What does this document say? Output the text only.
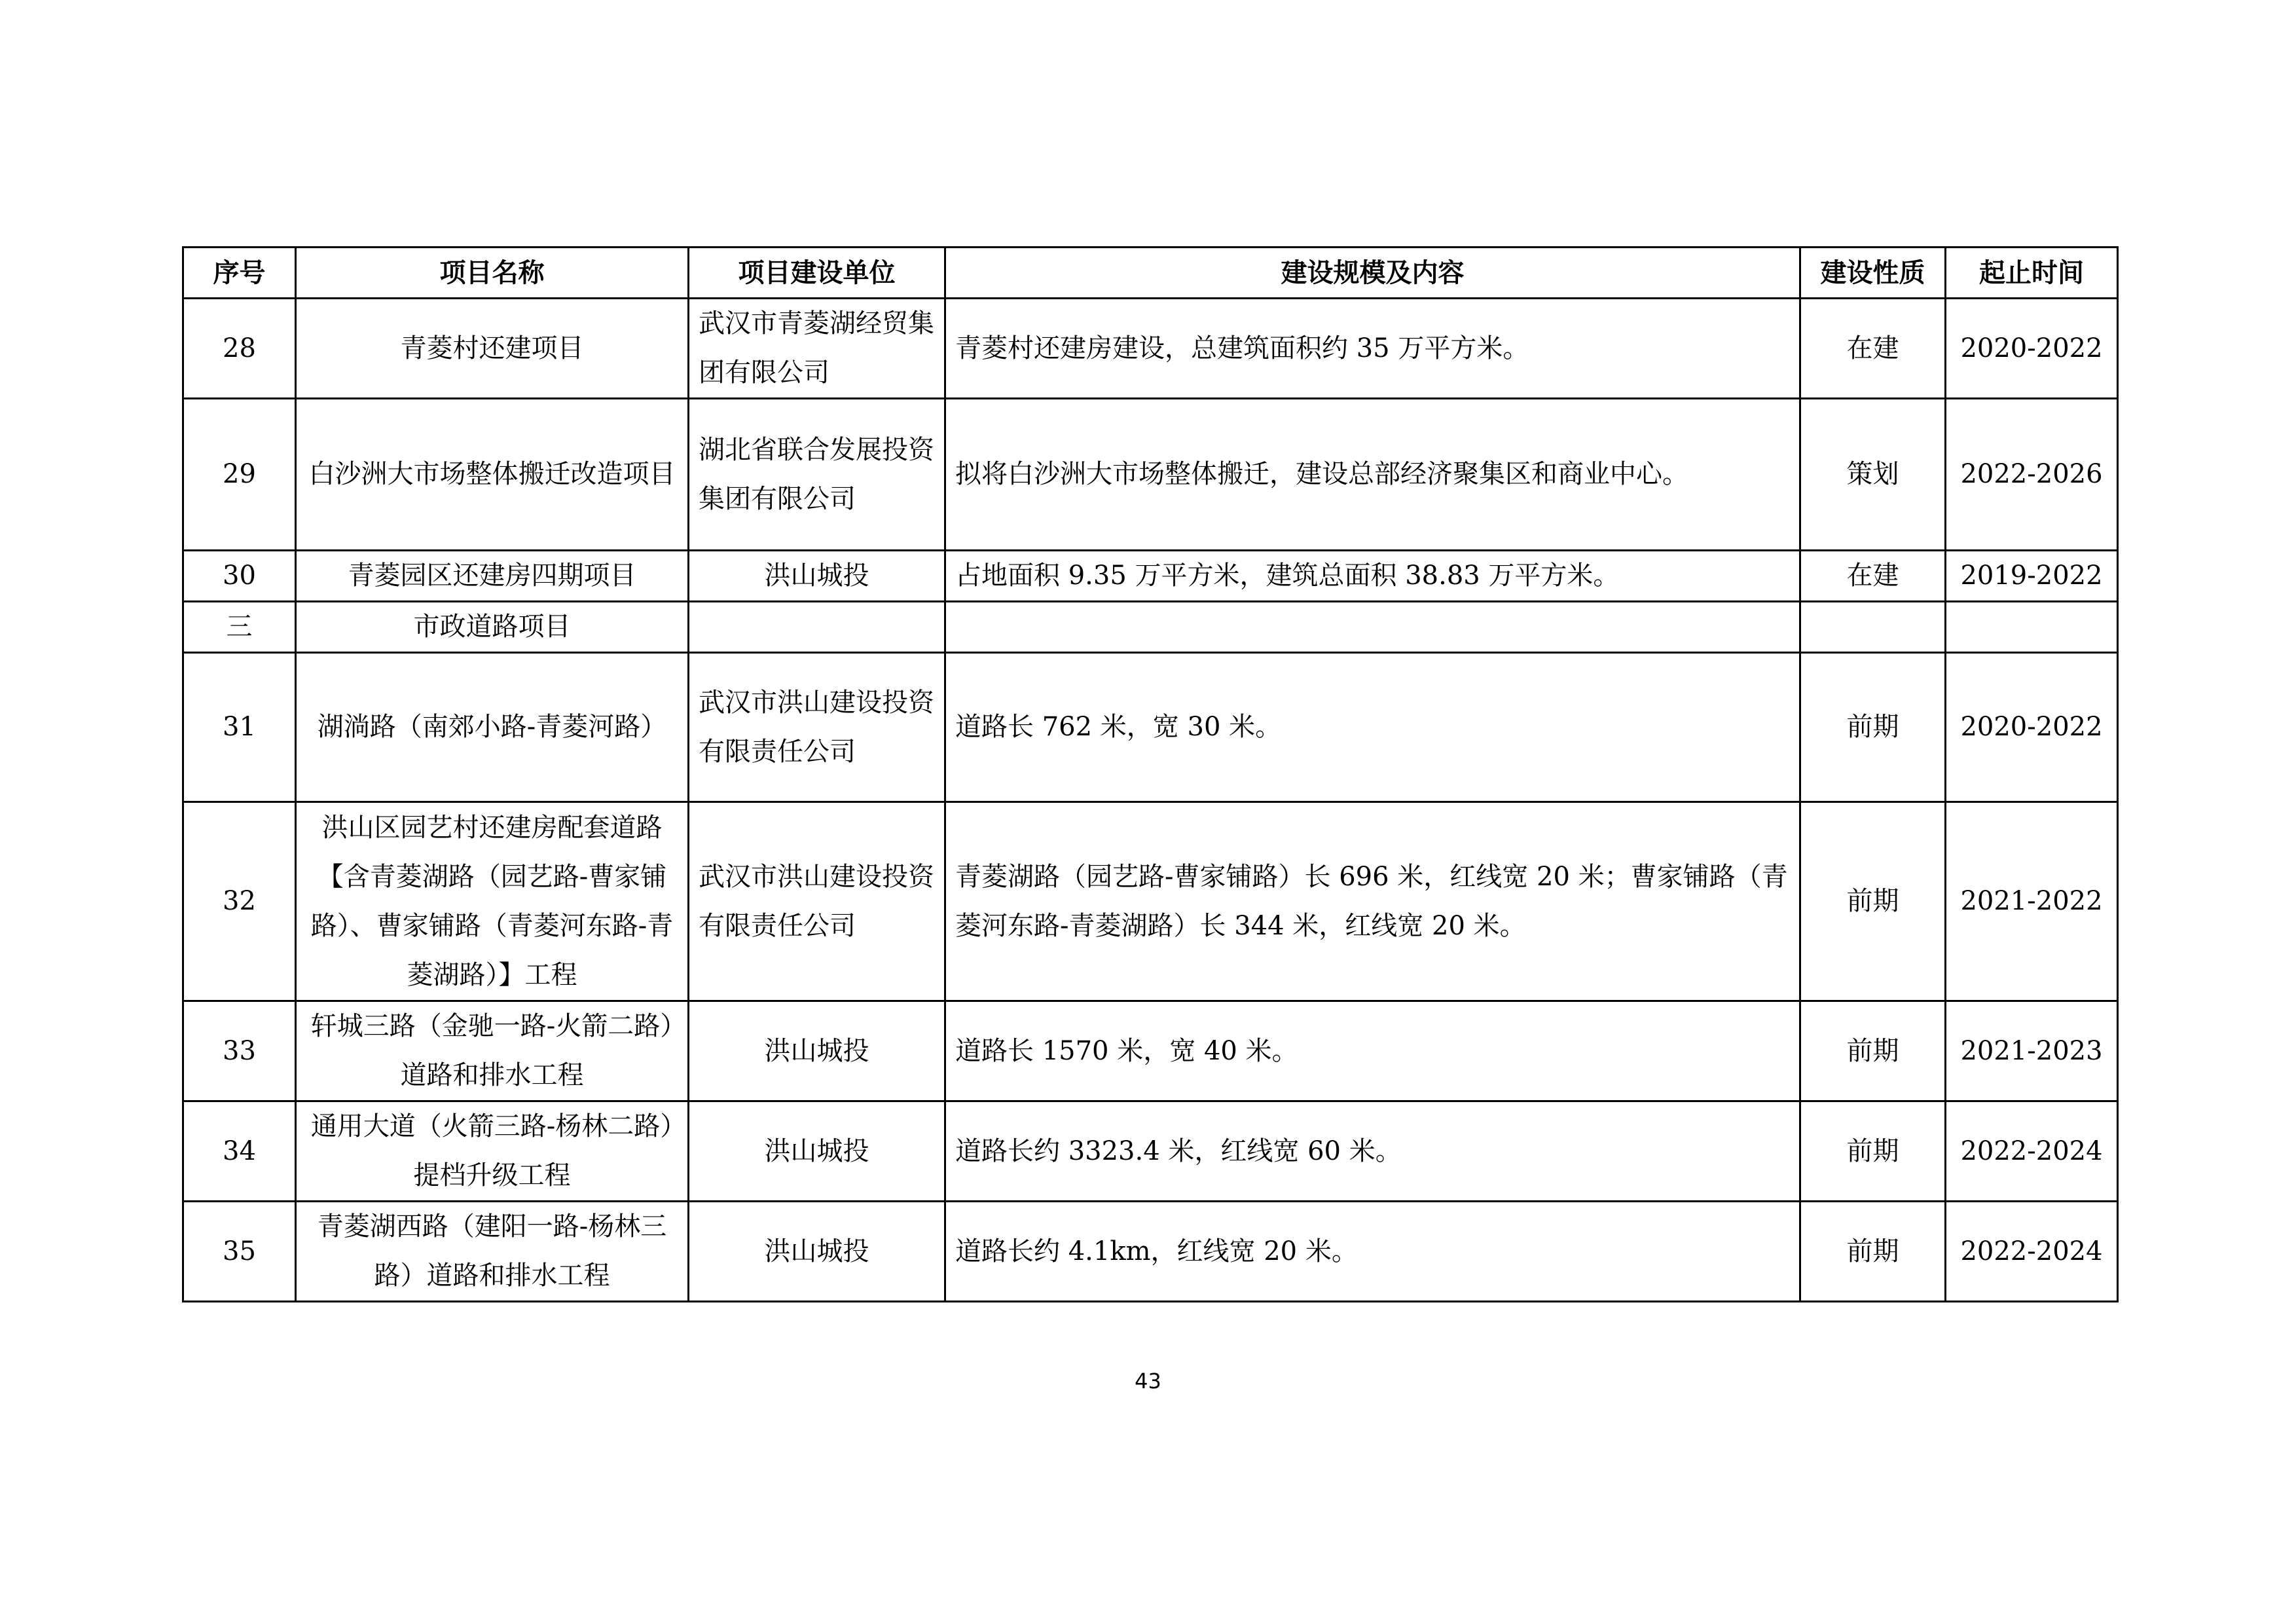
序号	项目名称	项目建设单位	建设规模及内容	建设性质	起止时间
28	青菱村还建项目	武汉市青菱湖经贸集团有限公司	青菱村还建房建设，总建筑面积约 35 万平方米。	在建	2020-2022
29	白沙洲大市场整体搬迁改造项目	湖北省联合发展投资集团有限公司	拟将白沙洲大市场整体搬迁，建设总部经济聚集区和商业中心。	策划	2022-2026
30	青菱园区还建房四期项目	洪山城投	占地面积 9.35 万平方米，建筑总面积 38.83 万平方米。	在建	2019-2022
三	市政道路项目				
31	湖淌路（南郊小路-青菱河路）	武汉市洪山建设投资有限责任公司	道路长 762 米，宽 30 米。	前期	2020-2022
32	洪山区园艺村还建房配套道路【含青菱湖路（园艺路-曹家铺路）、曹家铺路（青菱河东路-青菱湖路）】工程	武汉市洪山建设投资有限责任公司	青菱湖路（园艺路-曹家铺路）长 696 米，红线宽 20 米；曹家铺路（青菱河东路-青菱湖路）长 344 米，红线宽 20 米。	前期	2021-2022
33	轩城三路（金驰一路-火箭二路）道路和排水工程	洪山城投	道路长 1570 米，宽 40 米。	前期	2021-2023
34	通用大道（火箭三路-杨林二路）提档升级工程	洪山城投	道路长约 3323.4 米，红线宽 60 米。	前期	2022-2024
35	青菱湖西路（建阳一路-杨林三路）道路和排水工程	洪山城投	道路长约 4.1km，红线宽 20 米。	前期	2022-2024
43
